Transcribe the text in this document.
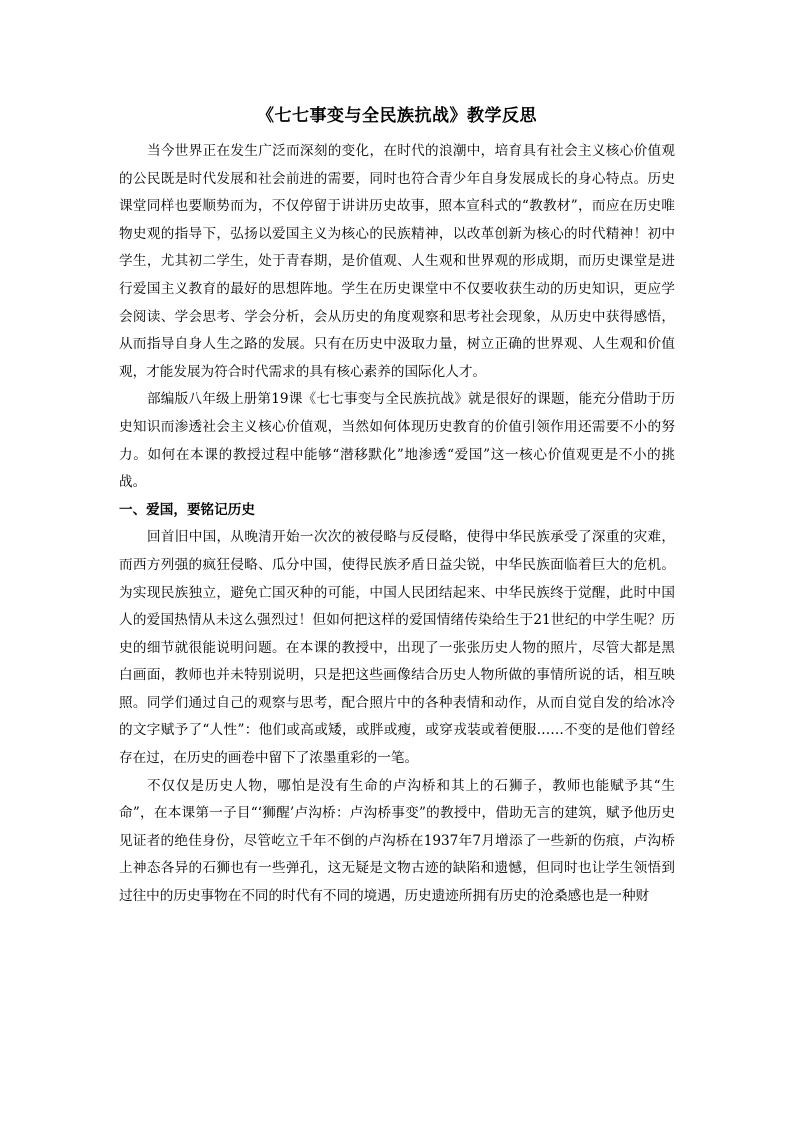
《七七事变与全民族抗战》教学反思

当今世界正在发生广泛而深刻的变化，在时代的浪潮中，培育具有社会主义核心价值观的公民既是时代发展和社会前进的需要，同时也符合青少年自身发展成长的身心特点。历史课堂同样也要顺势而为，不仅停留于讲讲历史故事，照本宣科式的“教教材”，而应在历史唯物史观的指导下，弘扬以爱国主义为核心的民族精神，以改革创新为核心的时代精神！初中学生，尤其初二学生，处于青春期，是价值观、人生观和世界观的形成期，而历史课堂是进行爱国主义教育的最好的思想阵地。学生在历史课堂中不仅要收获生动的历史知识，更应学会阅读、学会思考、学会分析，会从历史的角度观察和思考社会现象，从历史中获得感悟，从而指导自身人生之路的发展。只有在历史中汲取力量，树立正确的世界观、人生观和价值观，才能发展为符合时代需求的具有核心素养的国际化人才。

部编版八年级上册第19课《七七事变与全民族抗战》就是很好的课题，能充分借助于历史知识而渗透社会主义核心价值观，当然如何体现历史教育的价值引领作用还需要不小的努力。如何在本课的教授过程中能够“潜移默化”地渗透“爱国”这一核心价值观更是不小的挑战。

一、爱国，要铭记历史

回首旧中国，从晚清开始一次次的被侵略与反侵略，使得中华民族承受了深重的灾难，而西方列强的疯狂侵略、瓜分中国，使得民族矛盾日益尖锐，中华民族面临着巨大的危机。为实现民族独立，避免亡国灭种的可能，中国人民团结起来、中华民族终于觉醒，此时中国人的爱国热情从未这么强烈过！但如何把这样的爱国情绪传染给生于21世纪的中学生呢？历史的细节就很能说明问题。在本课的教授中，出现了一张张历史人物的照片，尽管大都是黑白画面，教师也并未特别说明，只是把这些画像结合历史人物所做的事情所说的话，相互映照。同学们通过自己的观察与思考，配合照片中的各种表情和动作，从而自觉自发的给冰冷的文字赋予了“人性”：他们或高或矮，或胖或瘦，或穿戎装或着便服……不变的是他们曾经存在过，在历史的画卷中留下了浓墨重彩的一笔。

不仅仅是历史人物，哪怕是没有生命的卢沟桥和其上的石狮子，教师也能赋予其“生命”，在本课第一子目“‘狮醒’卢沟桥：卢沟桥事变”的教授中，借助无言的建筑，赋予他历史见证者的绝佳身份，尽管屹立千年不倒的卢沟桥在1937年7月增添了一些新的伤痕，卢沟桥上神态各异的石狮也有一些弹孔，这无疑是文物古迹的缺陷和遗憾，但同时也让学生领悟到过往中的历史事物在不同的时代有不同的境遇，历史遗迹所拥有历史的沧桑感也是一种财
